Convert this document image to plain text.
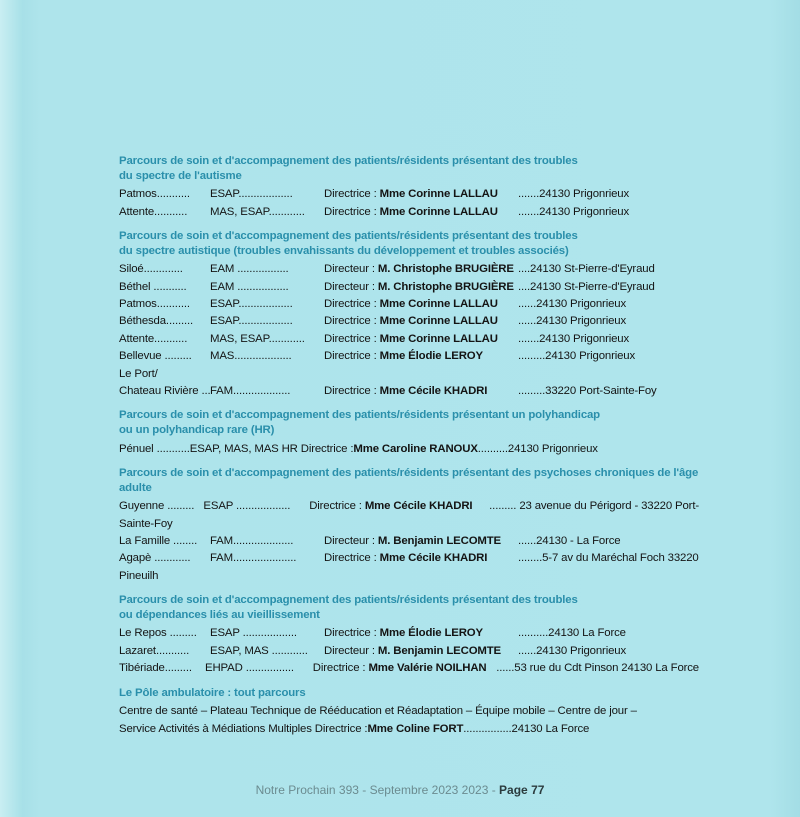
Parcours de soin et d'accompagnement des patients/résidents présentant des troubles
du spectre de l'autisme
Patmos...........	ESAP..................	Directrice : Mme Corinne LALLAU	.......24130 Prigonrieux
Attente...........	MAS, ESAP............	Directrice : Mme Corinne LALLAU	.......24130 Prigonrieux
Parcours de soin et d'accompagnement des patients/résidents présentant des troubles
du spectre autistique (troubles envahissants du développement et troubles associés)
Siloé.............	EAM .................	Directeur : M. Christophe BRUGIÈRE ....24130 St-Pierre-d'Eyraud
Béthel ...........	EAM .................	Directeur : M. Christophe BRUGIÈRE ....24130 St-Pierre-d'Eyraud
Patmos...........	ESAP..................	Directrice : Mme Corinne LALLAU	......24130 Prigonrieux
Béthesda.........	ESAP..................	Directrice : Mme Corinne LALLAU	......24130 Prigonrieux
Attente...........	MAS, ESAP............	Directrice : Mme Corinne LALLAU	.......24130 Prigonrieux
Bellevue .........	MAS...................	Directrice : Mme Élodie LEROY	.........24130 Prigonrieux
Le Port/
Chateau Rivière ... FAM...................	Directrice : Mme Cécile KHADRI	.........33220 Port-Sainte-Foy
Parcours de soin et d'accompagnement des patients/résidents présentant un polyhandicap
ou un polyhandicap rare (HR)
Pénuel ...........ESAP, MAS, MAS HR Directrice : Mme Caroline RANOUX ..........24130 Prigonrieux
Parcours de soin et d'accompagnement des patients/résidents présentant des psychoses chroniques de l'âge adulte
Guyenne ......... ESAP ..................	Directrice : Mme Cécile KHADRI	......... 23 avenue du Périgord - 33220 Port-
Sainte-Foy
La Famille ........	FAM....................	Directeur : M. Benjamin LECOMTE	......24130 - La Force
Agapè ............	FAM.....................	Directrice : Mme Cécile KHADRI	........5-7 av du Maréchal Foch 33220
Pineuilh
Parcours de soin et d'accompagnement des patients/résidents présentant des troubles
ou dépendances liés au vieillissement
Le Repos .........	ESAP ..................	Directrice : Mme Élodie LEROY	..........24130 La Force
Lazaret...........	ESAP, MAS ............	Directeur : M. Benjamin LECOMTE	......24130 Prigonrieux
Tibériade.........	EHPAD ................	Directrice : Mme Valérie NOILHAN ......53 rue du Cdt Pinson 24130 La Force
Le Pôle ambulatoire : tout parcours
Centre de santé – Plateau Technique de Rééducation et Réadaptation – Équipe mobile – Centre de jour –
Service Activités à Médiations Multiples Directrice : Mme Coline FORT ................24130 La Force
Notre Prochain 393 - Septembre 2023 2023 - Page 77
